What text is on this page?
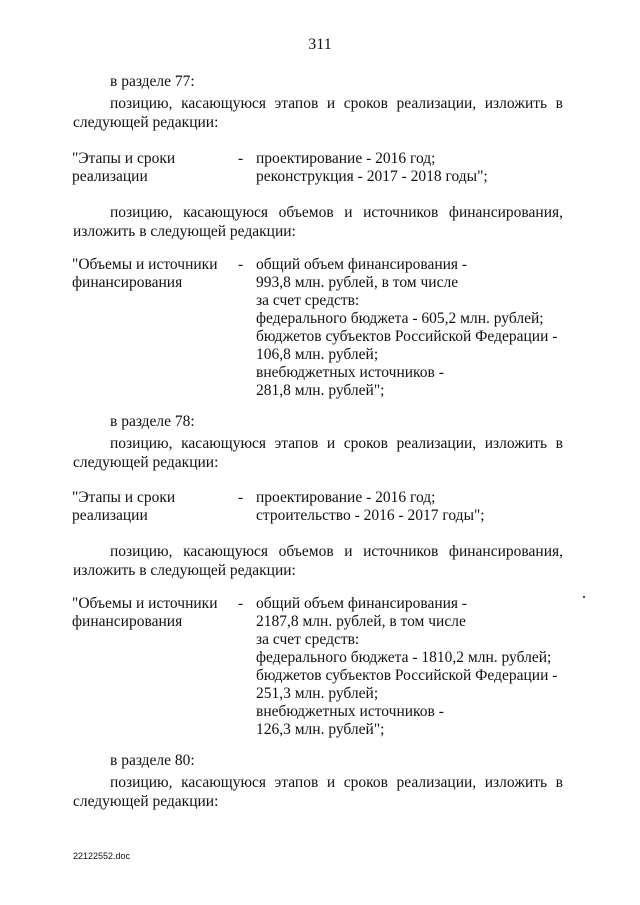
311
в разделе 77:
позицию, касающуюся этапов и сроков реализации, изложить в
следующей редакции:
"Этапы и сроки
реализации
- проектирование - 2016 год;
реконструкция - 2017 - 2018 годы";
позицию, касающуюся объемов и источников финансирования,
изложить в следующей редакции:
"Объемы и источники
финансирования
- общий объем финансирования -
993,8 млн. рублей, в том числе
за счет средств:
федерального бюджета - 605,2 млн. рублей;
бюджетов субъектов Российской Федерации -
106,8 млн. рублей;
внебюджетных источников -
281,8 млн. рублей";
в разделе 78:
позицию, касающуюся этапов и сроков реализации, изложить в
следующей редакции:
"Этапы и сроки
реализации
- проектирование - 2016 год;
строительство - 2016 - 2017 годы";
позицию, касающуюся объемов и источников финансирования,
изложить в следующей редакции:
"Объемы и источники
финансирования
- общий объем финансирования -
2187,8 млн. рублей, в том числе
за счет средств:
федерального бюджета - 1810,2 млн. рублей;
бюджетов субъектов Российской Федерации -
251,3 млн. рублей;
внебюджетных источников -
126,3 млн. рублей";
в разделе 80:
позицию, касающуюся этапов и сроков реализации, изложить в
следующей редакции:
22122552.doc
